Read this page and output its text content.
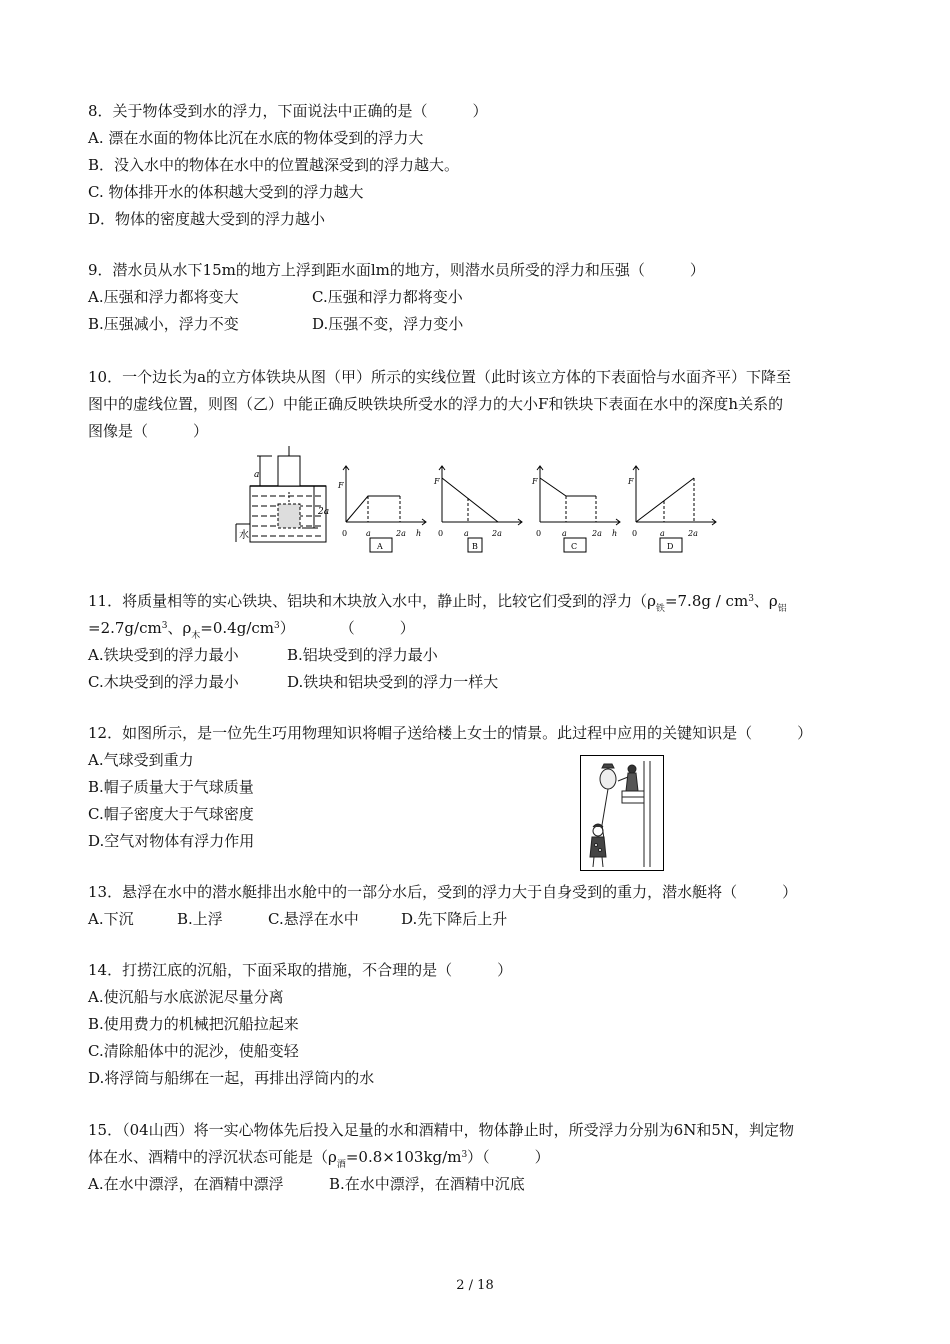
8．关于物体受到水的浮力，下面说法中正确的是（　　　）
A. 漂在水面的物体比沉在水底的物体受到的浮力大
B．没入水中的物体在水中的位置越深受到的浮力越大。
C. 物体排开水的体积越大受到的浮力越大
D．物体的密度越大受到的浮力越小
9．潜水员从水下15m的地方上浮到距水面lm的地方，则潜水员所受的浮力和压强（　　　）
A.压强和浮力都将变大	C.压强和浮力都将变小
B.压强减小，浮力不变	D.压强不变，浮力变小
10．一个边长为a的立方体铁块从图（甲）所示的实线位置（此时该立方体的下表面恰与水面齐平）下降至
图中的虚线位置，则图（乙）中能正确反映铁块所受水的浮力的大小F和铁块下表面在水中的深度h关系的
图像是（　　　）
a
2a
水
F
0 a	2a h
A
F
0	a	2a
B
F
0	a	2a h
C
F
0	a	2a
D
11．将质量相等的实心铁块、铝块和木块放入水中，静止时，比较它们受到的浮力（$\rho_铁=7.8g / cm^3$、$\rho_铝$
$=2.7g/cm^3$、$\rho_木=0.4g/cm^3$）　　　　（　　　）
A.铁块受到的浮力最小	B.铝块受到的浮力最小
C.木块受到的浮力最小	D.铁块和铝块受到的浮力一样大
12．如图所示，是一位先生巧用物理知识将帽子送给楼上女士的情景。此过程中应用的关键知识是（　　　）
A.气球受到重力
B.帽子质量大于气球质量
C.帽子密度大于气球密度
D.空气对物体有浮力作用
13．悬浮在水中的潜水艇排出水舱中的一部分水后，受到的浮力大于自身受到的重力，潜水艇将（　　　）
A.下沉	B.上浮	C.悬浮在水中	D.先下降后上升
14．打捞江底的沉船，下面采取的措施，不合理的是（　　　）
A.使沉船与水底淤泥尽量分离
B.使用费力的机械把沉船拉起来
C.清除船体中的泥沙，使船变轻
D.将浮筒与船绑在一起，再排出浮筒内的水
15．（04山西）将一实心物体先后投入足量的水和酒精中，物体静止时，所受浮力分别为6N和5N，判定物
体在水、酒精中的浮沉状态可能是$(\rho_酒=0.8\times 103kg/m^3)$（　　　）
A.在水中漂浮，在酒精中漂浮	B.在水中漂浮，在酒精中沉底
2 / 18
